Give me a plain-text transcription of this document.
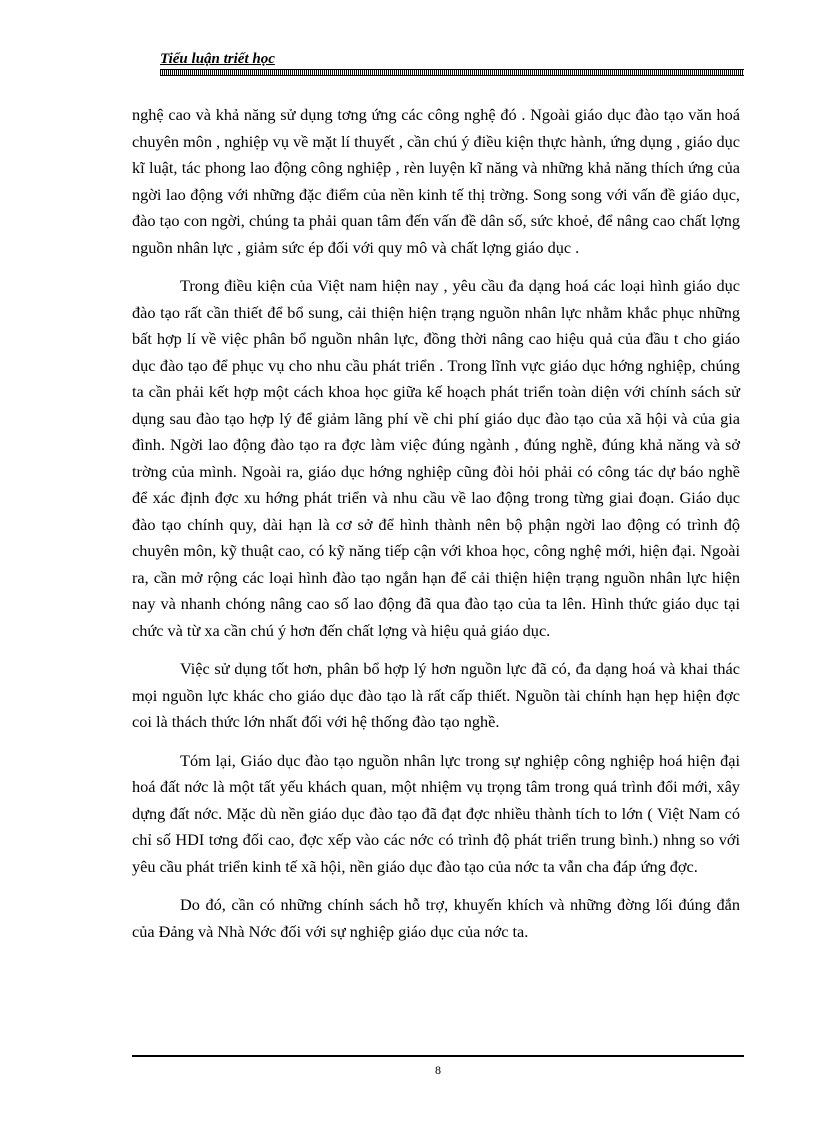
Tiểu luận triết học

nghệ cao và khả năng sử dụng tơng ứng các công nghệ đó . Ngoài giáo dục đào tạo văn hoá chuyên môn , nghiệp vụ về mặt lí thuyết , cần chú ý điều kiện thực hành, ứng dụng , giáo dục kĩ luật, tác phong lao động công nghiệp , rèn luyện kĩ năng và những khả năng thích ứng của ngời lao động với những đặc điểm của nền kinh tế thị trờng. Song song với vấn đề giáo dục, đào tạo con ngời, chúng ta phải quan tâm đến vấn đề dân số, sức khoẻ, để nâng cao chất lợng nguồn nhân lực , giảm sức ép đối với quy mô và chất lợng giáo dục .

Trong điều kiện của Việt nam hiện nay , yêu cầu đa dạng hoá các loại hình giáo dục đào tạo rất cần thiết để bổ sung, cải thiện hiện trạng nguồn nhân lực nhằm khắc phục những bất hợp lí về việc phân bổ nguồn nhân lực, đồng thời nâng cao hiệu quả của đầu t cho giáo dục đào tạo để phục vụ cho nhu cầu phát triển . Trong lĩnh vực giáo dục hớng nghiệp, chúng ta cần phải kết hợp một cách khoa học giữa kế hoạch phát triển toàn diện với chính sách sử dụng sau đào tạo hợp lý để giảm lãng phí về chi phí giáo dục đào tạo của xã hội và của gia đình. Ngời lao động đào tạo ra đợc làm việc đúng ngành , đúng nghề, đúng khả năng và sở trờng của mình. Ngoài ra, giáo dục hớng nghiệp cũng đòi hỏi phải có công tác dự báo nghề để xác định đợc xu hớng phát triển và nhu cầu về lao động trong từng giai đoạn. Giáo dục đào tạo chính quy, dài hạn là cơ sở để hình thành nên bộ phận ngời lao động có trình độ chuyên môn, kỹ thuật cao, có kỹ năng tiếp cận với khoa học, công nghệ mới, hiện đại. Ngoài ra, cần mở rộng các loại hình đào tạo ngắn hạn để cải thiện hiện trạng nguồn nhân lực hiện nay và nhanh chóng nâng cao số lao động đã qua đào tạo của ta lên. Hình thức giáo dục tại chức và từ xa cần chú ý hơn đến chất lợng và hiệu quả giáo dục.

Việc sử dụng tốt hơn, phân bổ hợp lý hơn nguồn lực đã có, đa dạng hoá và khai thác mọi nguồn lực khác cho giáo dục đào tạo là rất cấp thiết. Nguồn tài chính hạn hẹp hiện đợc coi là thách thức lớn nhất đối với hệ thống đào tạo nghề.

Tóm lại, Giáo dục đào tạo nguồn nhân lực trong sự nghiệp công nghiệp hoá hiện đại hoá đất nớc là một tất yếu khách quan, một nhiệm vụ trọng tâm trong quá trình đổi mới, xây dựng đất nớc. Mặc dù nền giáo dục đào tạo đã đạt đợc nhiều thành tích to lớn ( Việt Nam có chỉ số HDI tơng đối cao, đợc xếp vào các nớc có trình độ phát triển trung bình.) nhng so với yêu cầu phát triển kinh tế xã hội, nền giáo dục đào tạo của nớc ta vẫn cha đáp ứng đợc.

Do đó, cần có những chính sách hỗ trợ, khuyến khích và những đờng lối đúng đắn của Đảng và Nhà Nớc đối với sự nghiệp giáo dục của nớc ta.

8
